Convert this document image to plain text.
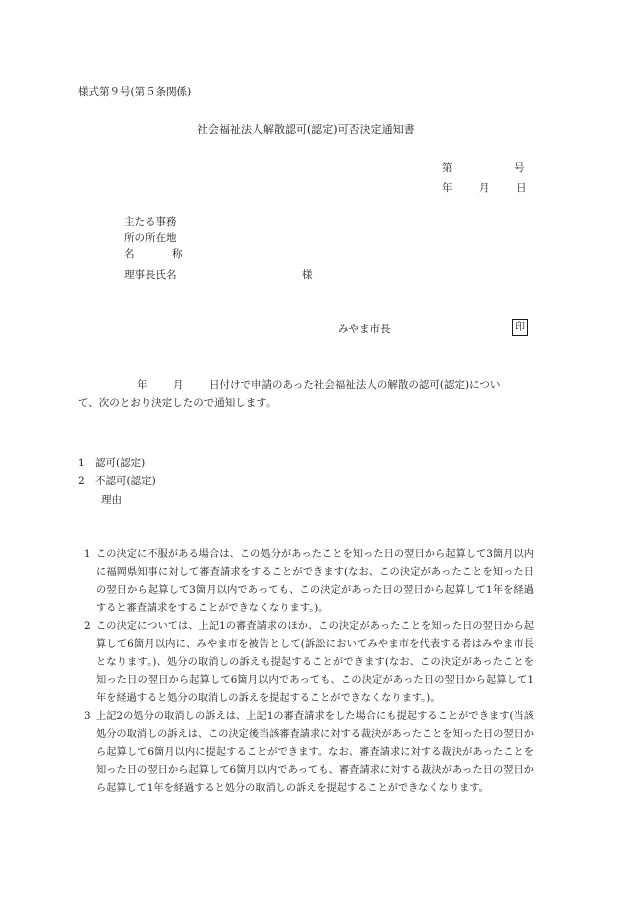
様式第９号(第５条関係)
社会福祉法人解散認可(認定)可否決定通知書
第	号
年	月	日
主たる事務
所の所在地
名	称
理事長氏名	様
みやま市長	印
年 月 日付けで申請のあった社会福祉法人の解散の認可(認定)につい
て、次のとおり決定したので通知します。
1 認可(認定)
2 不認可(認定)
理由

1 この決定に不服がある場合は、この処分があったことを知った日の翌日から起算して3箇月以内に福岡県知事に対して審査請求をすることができます(なお、この決定があったことを知った日の翌日から起算して3箇月以内であっても、この決定があった日の翌日から起算して1年を経過すると審査請求をすることができなくなります。)。

2 この決定については、上記1の審査請求のほか、この決定があったことを知った日の翌日から起算して6箇月以内に、みやま市を被告として(訴訟においてみやま市を代表する者はみやま市長となります。)、処分の取消しの訴えも提起することができます(なお、この決定があったことを知った日の翌日から起算して6箇月以内であっても、この決定があった日の翌日から起算して1年を経過すると処分の取消しの訴えを提起することができなくなります。)。

3 上記2の処分の取消しの訴えは、上記1の審査請求をした場合にも提起することができます(当該処分の取消しの訴えは、この決定後当該審査請求に対する裁決があったことを知った日の翌日から起算して6箇月以内に提起することができます。なお、審査請求に対する裁決があったことを知った日の翌日から起算して6箇月以内であっても、審査請求に対する裁決があった日の翌日から起算して1年を経過すると処分の取消しの訴えを提起することができなくなります。
